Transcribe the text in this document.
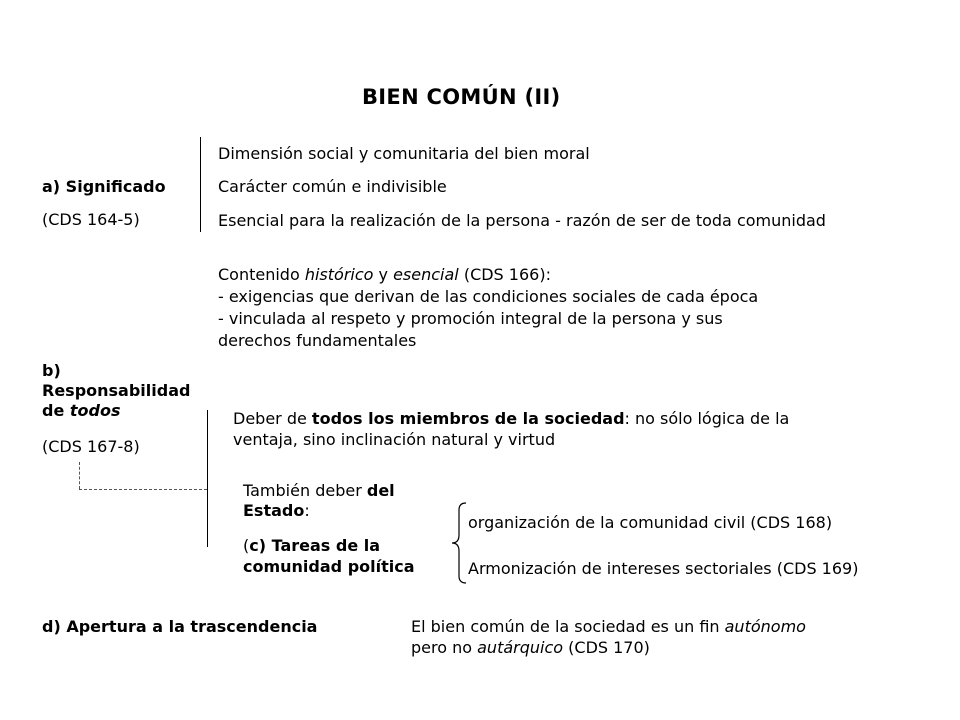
BIEN COMÚN (II)
a) Significado
(CDS 164-5)
Dimensión social y comunitaria del bien moral
Carácter común e indivisible
Esencial para la realización de la persona - razón de ser de toda comunidad
Contenido histórico y esencial (CDS 166):
- exigencias que derivan de las condiciones sociales de cada época
- vinculada al respeto y promoción integral de la persona y sus
derechos fundamentales
b)
Responsabilidad
de todos
(CDS 167-8)
Deber de todos los miembros de la sociedad: no sólo lógica de la
ventaja, sino inclinación natural y virtud
También deber del
Estado:
(c) Tareas de la
comunidad política
organización de la comunidad civil (CDS 168)
Armonización de intereses sectoriales (CDS 169)
d) Apertura a la trascendencia	El bien común de la sociedad es un fin autónomo
pero no autárquico (CDS 170)
